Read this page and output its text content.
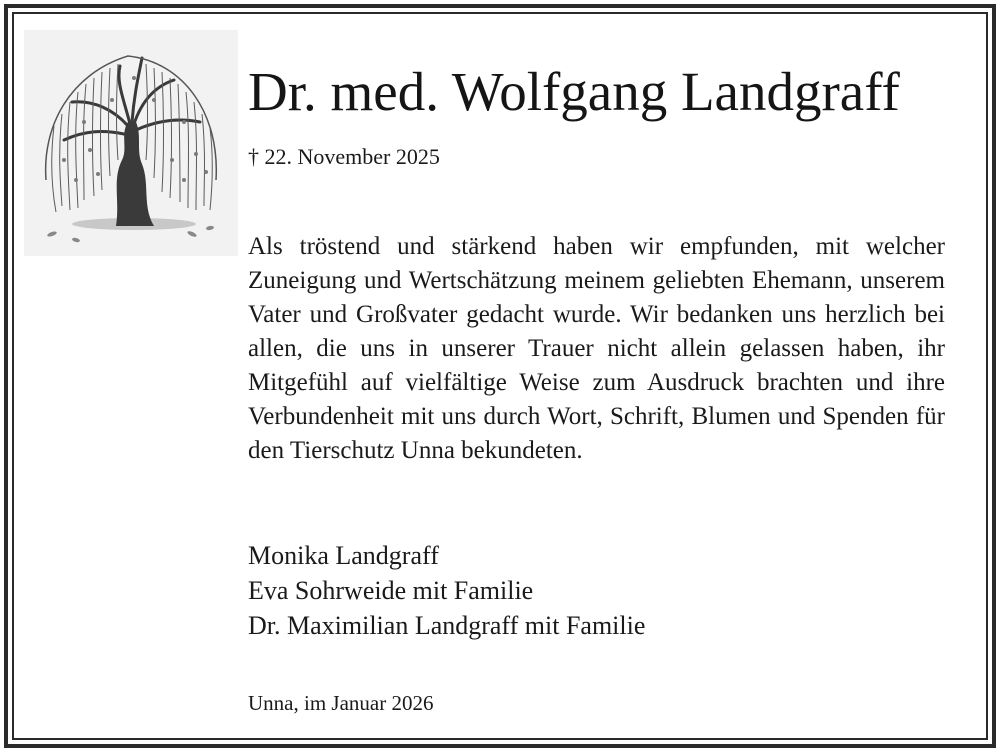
Dr. med. Wolfgang Landgraff
† 22. November 2025

Als tröstend und stärkend haben wir empfunden, mit welcher Zuneigung und Wertschätzung meinem geliebten Ehemann, unserem Vater und Großvater gedacht wurde. Wir bedanken uns herzlich bei allen, die uns in unserer Trauer nicht allein gelassen haben, ihr Mitgefühl auf vielfältige Weise zum Ausdruck brachten und ihre Verbundenheit mit uns durch Wort, Schrift, Blumen und Spenden für den Tierschutz Unna bekundeten.

Monika Landgraff
Eva Sohrweide mit Familie
Dr. Maximilian Landgraff mit Familie
Unna, im Januar 2026
